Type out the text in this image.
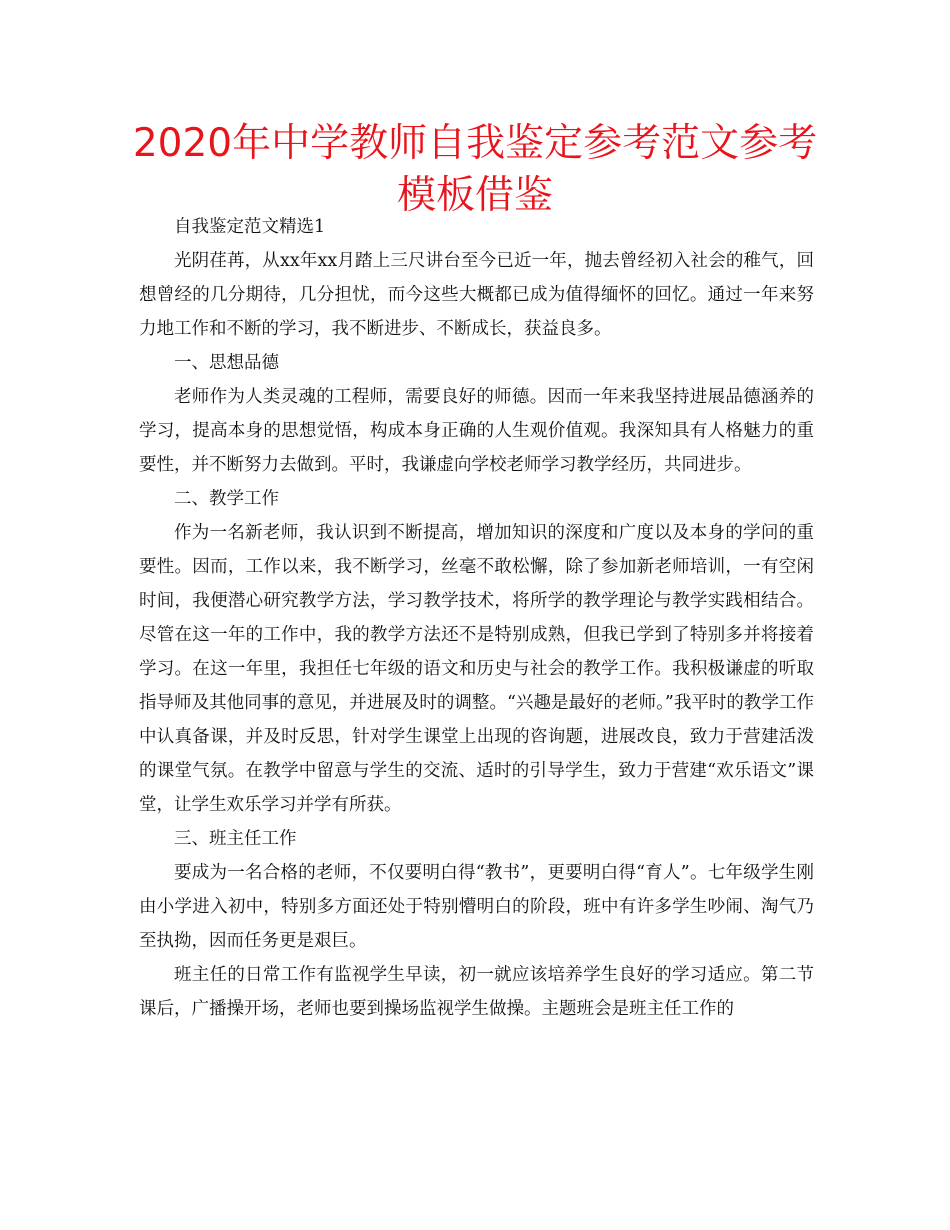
2020年中学教师自我鉴定参考范文参考模板借鉴

自我鉴定范文精选1

光阴荏苒，从xx年xx月踏上三尺讲台至今已近一年，抛去曾经初入社会的稚气，回想曾经的几分期待，几分担忧，而今这些大概都已成为值得缅怀的回忆。通过一年来努力地工作和不断的学习，我不断进步、不断成长，获益良多。

一、思想品德

老师作为人类灵魂的工程师，需要良好的师德。因而一年来我坚持进展品德涵养的学习，提高本身的思想觉悟，构成本身正确的人生观价值观。我深知具有人格魅力的重要性，并不断努力去做到。平时，我谦虚向学校老师学习教学经历，共同进步。

二、教学工作

作为一名新老师，我认识到不断提高，增加知识的深度和广度以及本身的学问的重要性。因而，工作以来，我不断学习，丝毫不敢松懈，除了参加新老师培训，一有空闲时间，我便潜心研究教学方法，学习教学技术，将所学的教学理论与教学实践相结合。尽管在这一年的工作中，我的教学方法还不是特别成熟，但我已学到了特别多并将接着学习。在这一年里，我担任七年级的语文和历史与社会的教学工作。我积极谦虚的听取指导师及其他同事的意见，并进展及时的调整。“兴趣是最好的老师。”我平时的教学工作中认真备课，并及时反思，针对学生课堂上出现的咨询题，进展改良，致力于营建活泼的课堂气氛。在教学中留意与学生的交流、适时的引导学生，致力于营建“欢乐语文”课堂，让学生欢乐学习并学有所获。

三、班主任工作

要成为一名合格的老师，不仅要明白得“教书”，更要明白得“育人”。七年级学生刚由小学进入初中，特别多方面还处于特别懵明白的阶段，班中有许多学生吵闹、淘气乃至执拗，因而任务更是艰巨。

班主任的日常工作有监视学生早读，初一就应该培养学生良好的学习适应。第二节课后，广播操开场，老师也要到操场监视学生做操。主题班会是班主任工作的
